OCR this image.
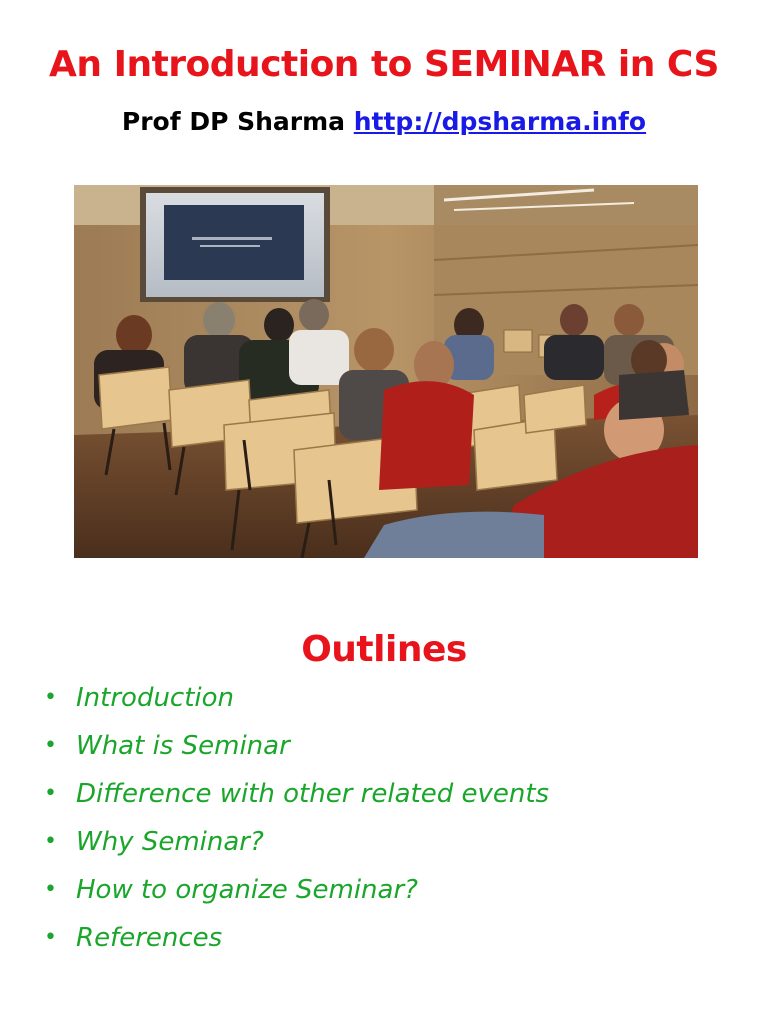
An Introduction to SEMINAR in CS
Prof DP Sharma http://dpsharma.info
Outlines
• Introduction
• What is Seminar
• Difference with other related events
• Why Seminar?
• How to organize Seminar?
• References
